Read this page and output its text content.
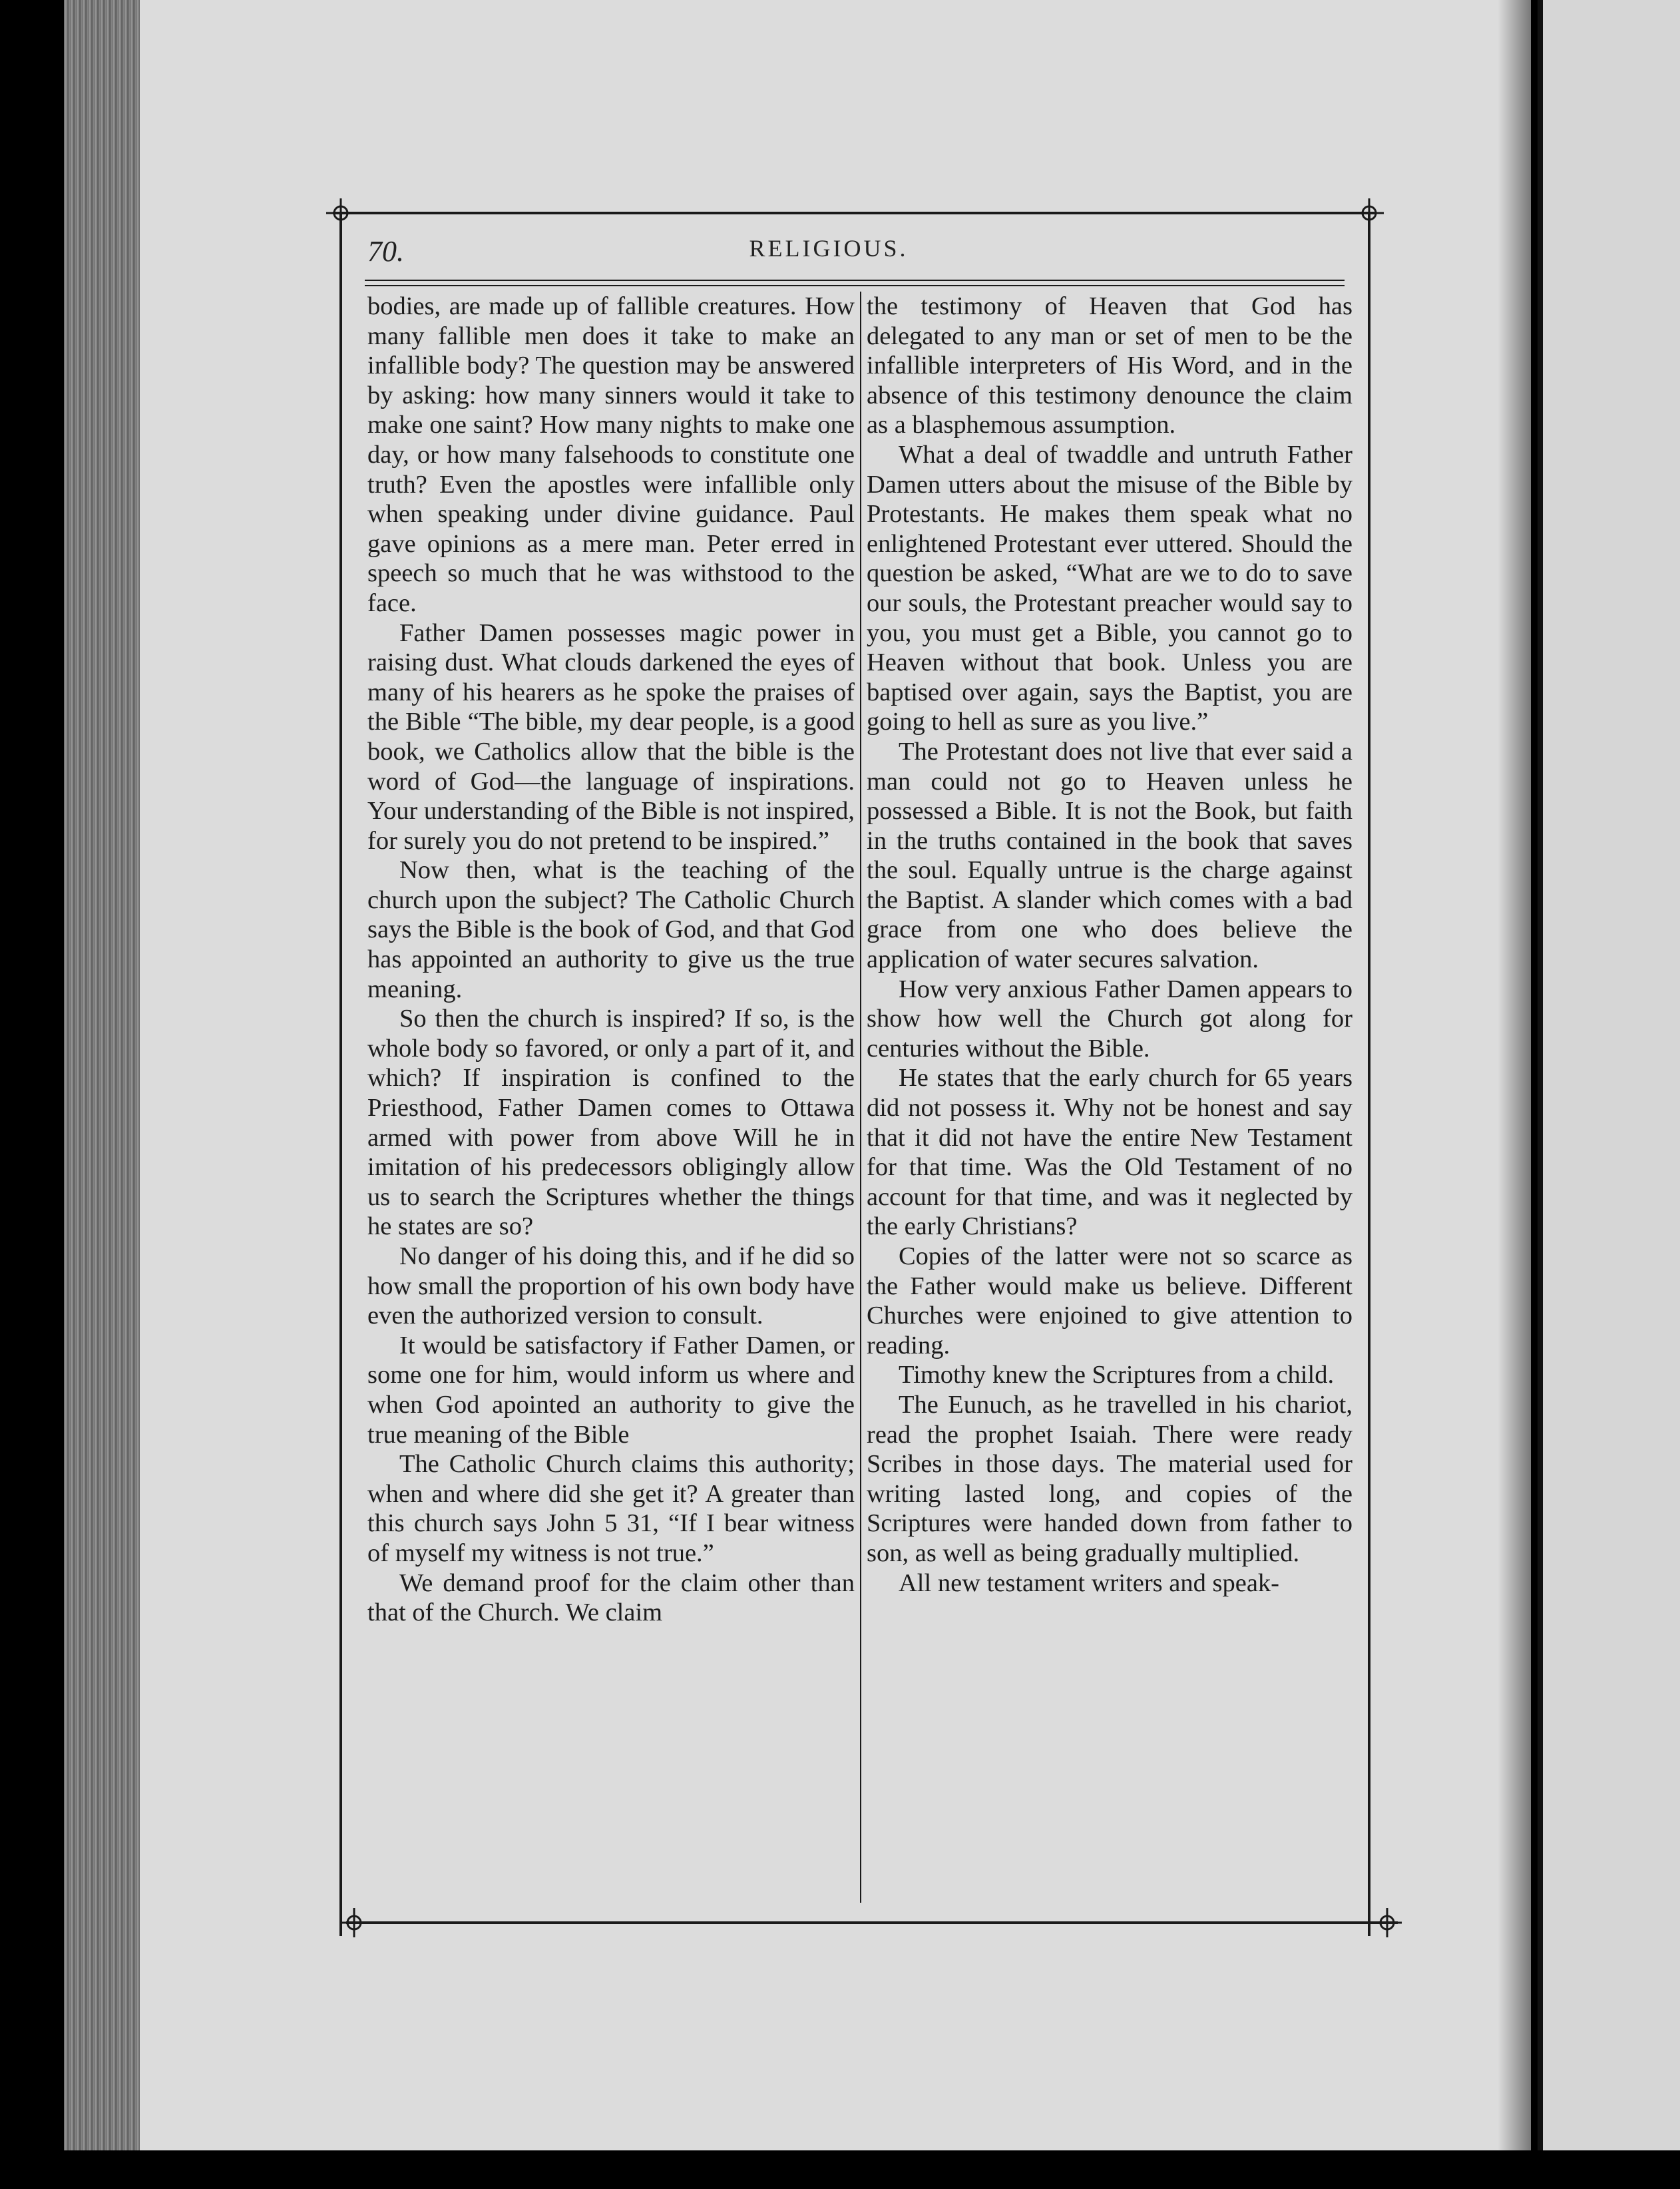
70.	RELIGIOUS.

bodies, are made up of fallible creatures. How many fallible men does it take to make an infallible body? The question may be answered by asking: how many sinners would it take to make one saint? How many nights to make one day, or how many falsehoods to constitute one truth? Even the apostles were infallible only when speaking under divine guidance. Paul gave opinions as a mere man. Peter erred in speech so much that he was withstood to the face.

Father Damen possesses magic power in raising dust. What clouds darkened the eyes of many of his hearers as he spoke the praises of the Bible “The bible, my dear people, is a good book, we Catholics allow that the bible is the word of God—the language of inspirations. Your understanding of the Bible is not inspired, for surely you do not pretend to be inspired.”

Now then, what is the teaching of the church upon the subject? The Catholic Church says the Bible is the book of God, and that God has appointed an authority to give us the true meaning.

So then the church is inspired? If so, is the whole body so favored, or only a part of it, and which? If inspiration is confined to the Priesthood, Father Damen comes to Ottawa armed with power from above Will he in imitation of his predecessors obligingly allow us to search the Scriptures whether the things he states are so?

No danger of his doing this, and if he did so how small the proportion of his own body have even the authorized version to consult.

It would be satisfactory if Father Damen, or some one for him, would inform us where and when God apointed an authority to give the true meaning of the Bible

The Catholic Church claims this authority; when and where did she get it? A greater than this church says John 5 31, “If I bear witness of myself my witness is not true.”

We demand proof for the claim other than that of the Church. We claim

the testimony of Heaven that God has delegated to any man or set of men to be the infallible interpreters of His Word, and in the absence of this testimony denounce the claim as a blasphemous assumption.

What a deal of twaddle and untruth Father Damen utters about the misuse of the Bible by Protestants. He makes them speak what no enlightened Protestant ever uttered. Should the question be asked, “What are we to do to save our souls, the Protestant preacher would say to you, you must get a Bible, you cannot go to Heaven without that book. Unless you are baptised over again, says the Baptist, you are going to hell as sure as you live.”

The Protestant does not live that ever said a man could not go to Heaven unless he possessed a Bible. It is not the Book, but faith in the truths contained in the book that saves the soul. Equally untrue is the charge against the Baptist. A slander which comes with a bad grace from one who does believe the application of water secures salvation.

How very anxious Father Damen appears to show how well the Church got along for centuries without the Bible.

He states that the early church for 65 years did not possess it. Why not be honest and say that it did not have the entire New Testament for that time. Was the Old Testament of no account for that time, and was it neglected by the early Christians?

Copies of the latter were not so scarce as the Father would make us believe. Different Churches were enjoined to give attention to reading.

Timothy knew the Scriptures from a child.

The Eunuch, as he travelled in his chariot, read the prophet Isaiah. There were ready Scribes in those days. The material used for writing lasted long, and copies of the Scriptures were handed down from father to son, as well as being gradually multiplied.

All new testament writers and speak-
